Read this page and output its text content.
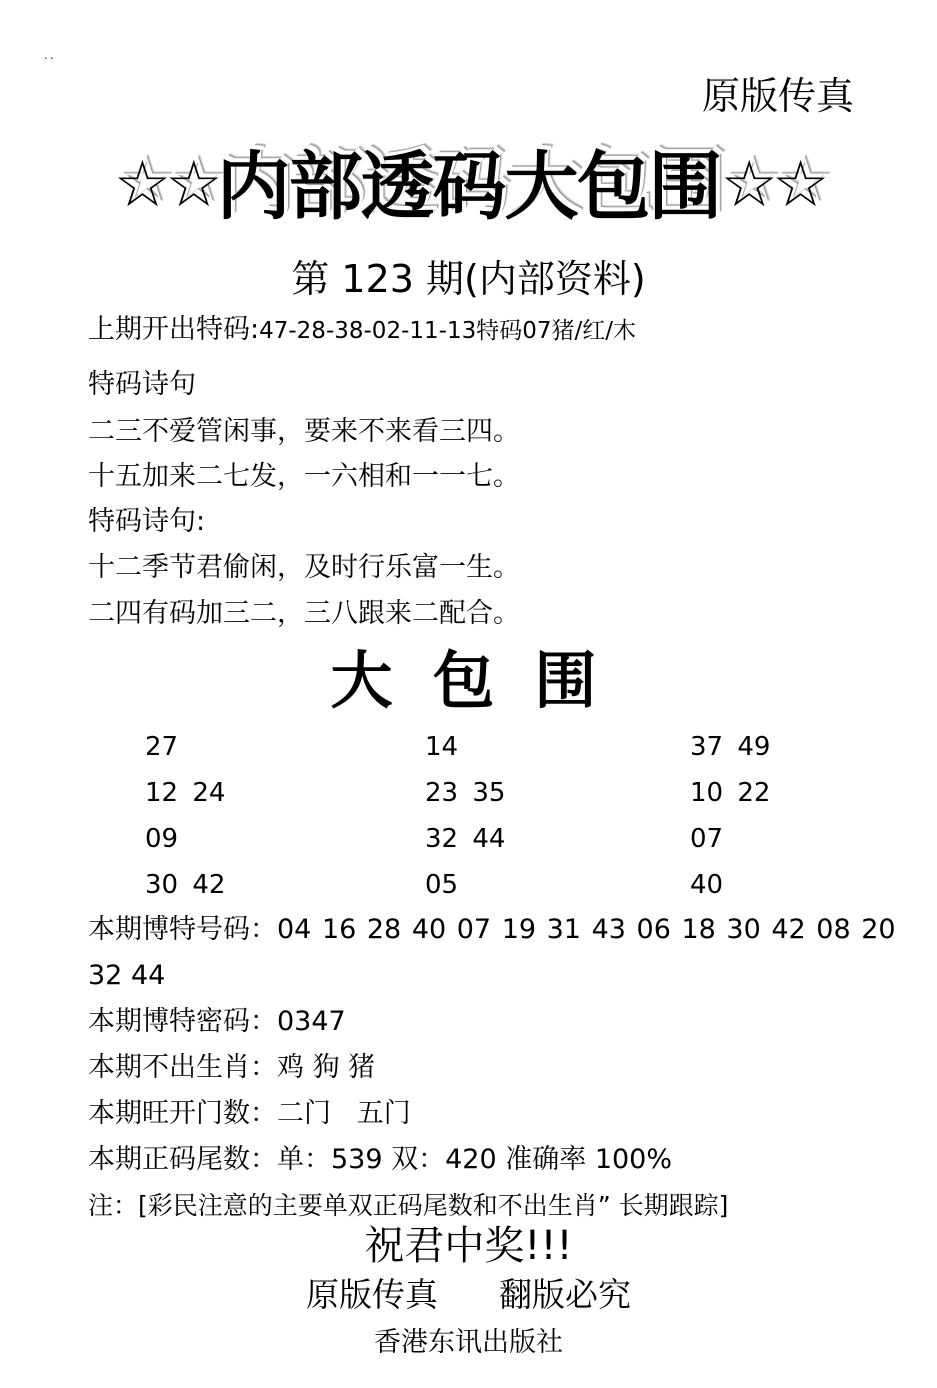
..
原版传真
☆☆内部透码大包围☆☆
第 123 期(内部资料)
上期开出特码:47-28-38-02-11-13特码07猪/红/木
特码诗句
二三不爱管闲事，要来不来看三四。
十五加来二七发，一六相和一一七。
特码诗句:
十二季节君偷闲，及时行乐富一生。
二四有码加三二，三八跟来二配合。
大包围
27	14	37 49
12 24	23 35	10 22
09	32 44	07
30 42	05	40
本期博特号码：04 16 28 40 07 19 31 43 06 18 30 42 08 20
32 44
本期博特密码：0347
本期不出生肖：鸡 狗 猪
本期旺开门数：二门   五门
本期正码尾数：单：539 双：420 准确率 100%
注：[彩民注意的主要单双正码尾数和不出生肖” 长期跟踪]
祝君中奖!!!
原版传真  翻版必究
香港东讯出版社
